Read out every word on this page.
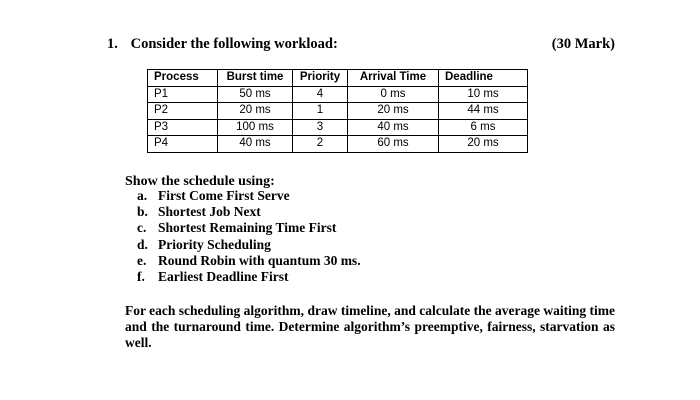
1. Consider the following workload:	(30 Mark)
Process	Burst time	Priority	Arrival Time	Deadline
P1	50 ms	4	0 ms	10 ms
P2	20 ms	1	20 ms	44 ms
P3	100 ms	3	40 ms	6 ms
P4	40 ms	2	60 ms	20 ms
Show the schedule using:
a. First Come First Serve
b. Shortest Job Next
c. Shortest Remaining Time First
d. Priority Scheduling
e. Round Robin with quantum 30 ms.
f. Earliest Deadline First
For each scheduling algorithm, draw timeline, and calculate the average waiting time and the turnaround time. Determine algorithm’s preemptive, fairness, starvation as well.
